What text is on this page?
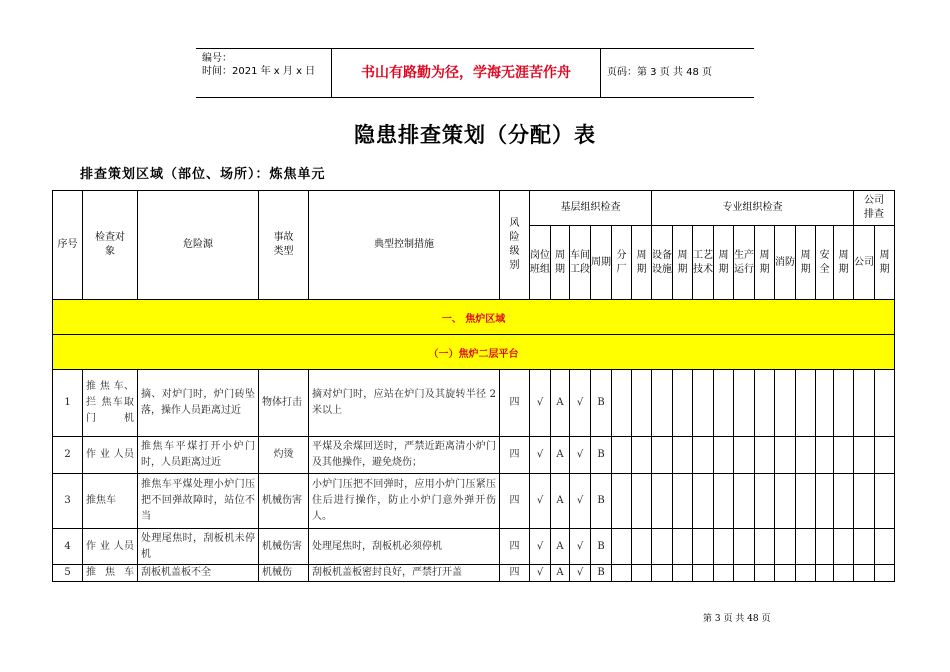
编号：
时间：2021 年 x 月 x 日	书山有路勤为径，学海无涯苦作舟	页码：第 3 页 共 48 页
隐患排查策划（分配）表
排查策划区域（部位、场所）：炼焦单元
序号	检查对象	危险源	事故类型	典型控制措施	风险级别	基层组织检查						专业组织检查										公司排查	
						岗位班组	周期	车间工段	周期	分厂	周期	设备设施	周期	工艺技术	周期	生产运行	周期	消防	周期	安全	周期	公司	周期
一、 焦炉区域																							
（一）焦炉二层平台																							
1	推 焦 车、拦 焦车取门机	摘、对炉门时，炉门砖坠落，操作人员距离过近	物体打击	摘对炉门时，应站在炉门及其旋转半径 2 米以上	四	√	A	√	B														
2	作 业 人员	推焦车平煤打开小炉门时，人员距离过近	灼烫	平煤及余煤回送时，严禁近距离清小炉门及其他操作，避免烧伤；	四	√	A	√	B														
3	推焦车	推焦车平煤处理小炉门压把不回弹故障时，站位不当	机械伤害	小炉门压把不回弹时，应用小炉门压紧压住后进行操作，防止小炉门意外弹开伤人。	四	√	A	√	B														
4	作 业 人员	处理尾焦时，刮板机未停机	机械伤害	处理尾焦时，刮板机必须停机	四	√	A	√	B														
5	推 焦 车	刮板机盖板不全	机械伤	刮板机盖板密封良好，严禁打开盖	四	√	A	√	B														
第 3 页 共 48 页
